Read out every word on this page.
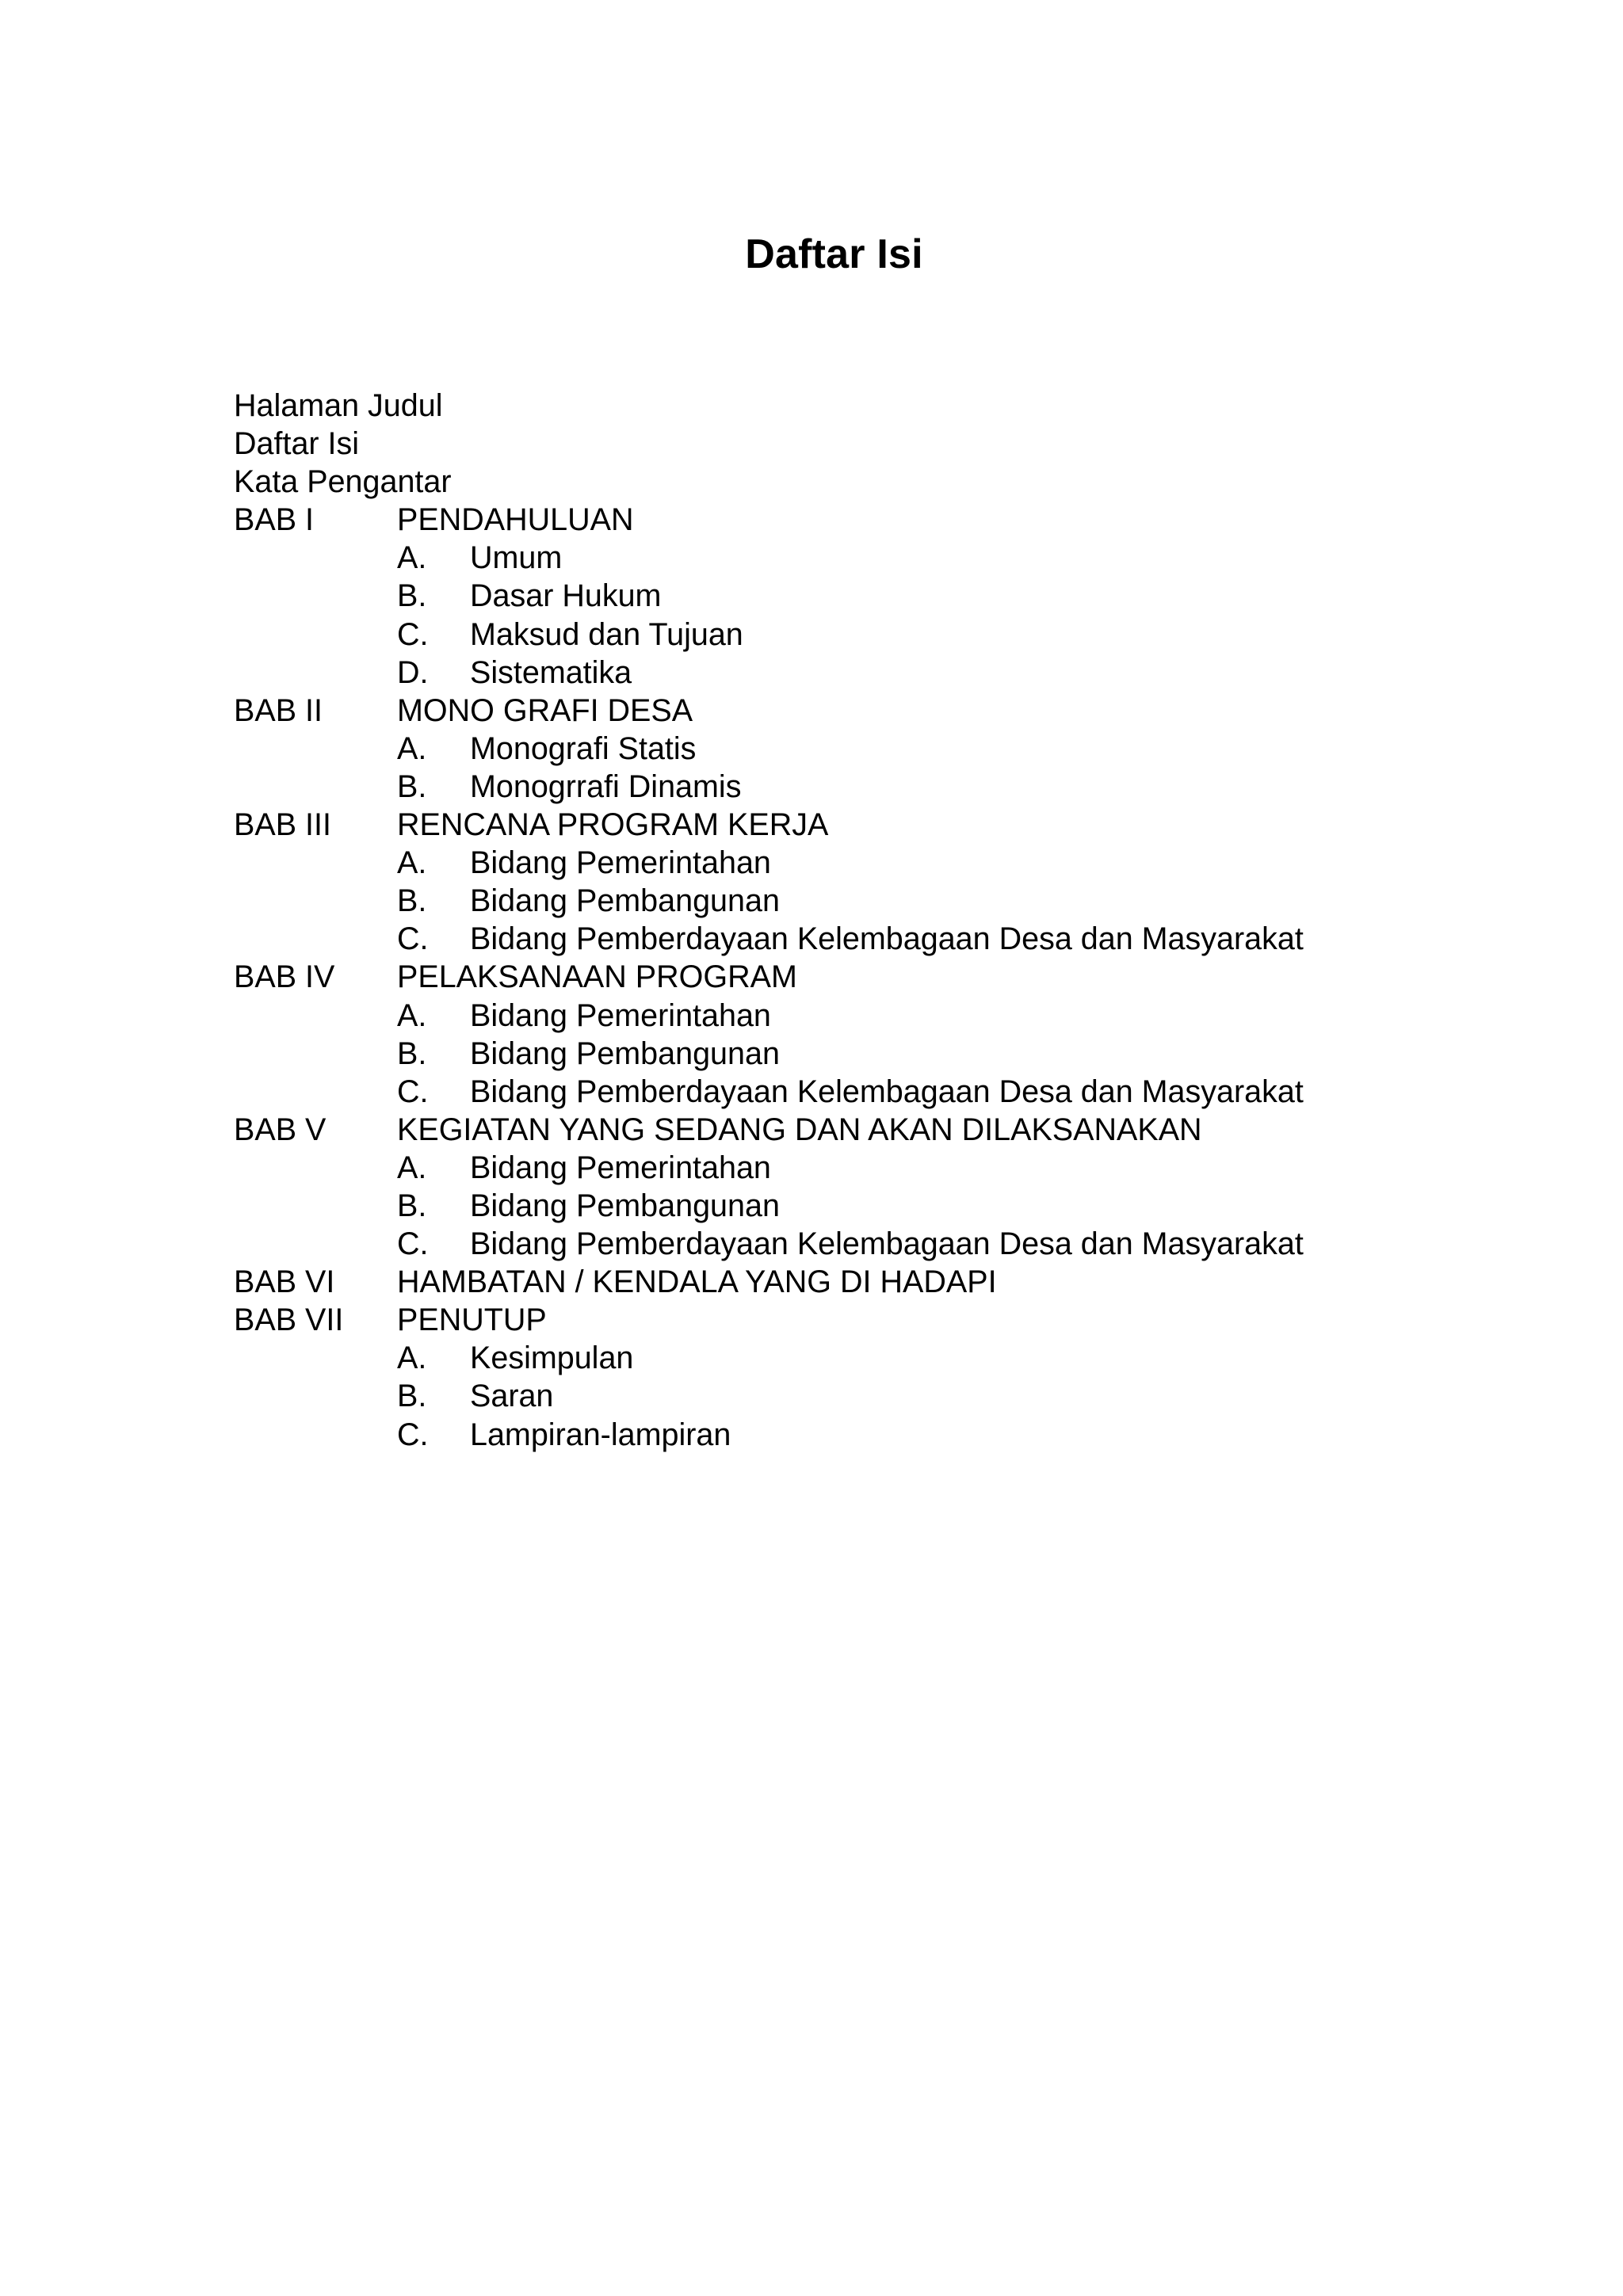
Daftar Isi
Halaman Judul
Daftar Isi
Kata Pengantar
BAB I	PENDAHULUAN
A. Umum
B. Dasar Hukum
C. Maksud dan Tujuan
D. Sistematika
BAB II MONO GRAFI DESA
A. Monografi Statis
B. Monogrrafi Dinamis
BAB III RENCANA PROGRAM KERJA
A. Bidang Pemerintahan
B. Bidang Pembangunan
C. Bidang Pemberdayaan Kelembagaan Desa dan Masyarakat
BAB IV PELAKSANAAN PROGRAM
A. Bidang Pemerintahan
B. Bidang Pembangunan
C. Bidang Pemberdayaan Kelembagaan Desa dan Masyarakat
BAB V KEGIATAN YANG SEDANG DAN AKAN DILAKSANAKAN
A. Bidang Pemerintahan
B. Bidang Pembangunan
C. Bidang Pemberdayaan Kelembagaan Desa dan Masyarakat
BAB VI HAMBATAN / KENDALA YANG DI HADAPI
BAB VII PENUTUP
A. Kesimpulan
B. Saran
C. Lampiran-lampiran
